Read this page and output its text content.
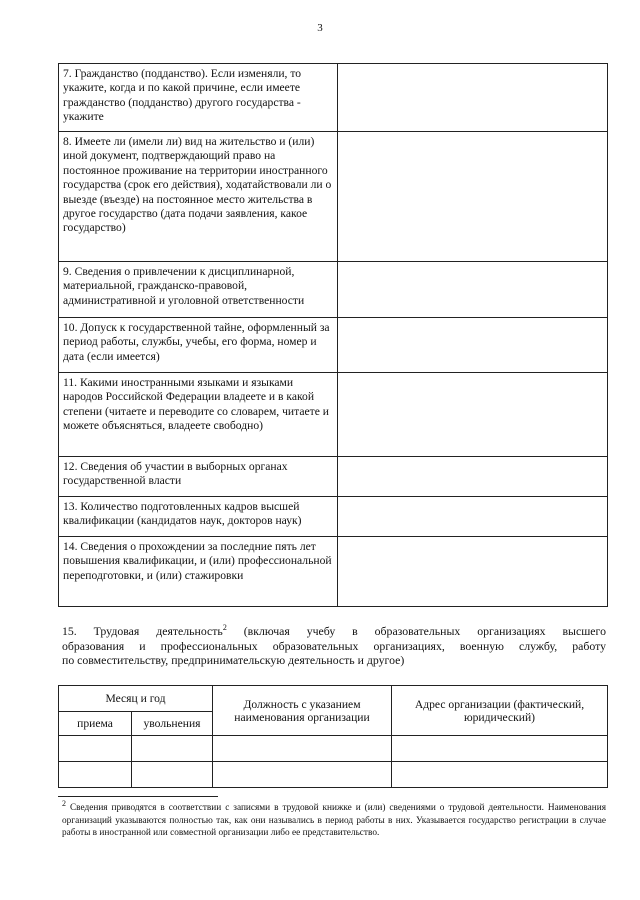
3
7. Гражданство (подданство). Если изменяли, то укажите, когда и по какой причине, если имеете гражданство (подданство) другого государства - укажите	
8. Имеете ли (имели ли) вид на жительство и (или) иной документ, подтверждающий право на постоянное проживание на территории иностранного государства (срок его действия), ходатайствовали ли о выезде (въезде) на постоянное место жительства в другое государство (дата подачи заявления, какое государство)	
9. Сведения о привлечении к дисциплинарной, материальной, гражданско-правовой, административной и уголовной ответственности	
10. Допуск к государственной тайне, оформленный за период работы, службы, учебы, его форма, номер и дата (если имеется)	
11. Какими иностранными языками и языками народов Российской Федерации владеете и в какой степени (читаете и переводите со словарем, читаете и можете объясняться, владеете свободно)	
12. Сведения об участии в выборных органах государственной власти	
13. Количество подготовленных кадров высшей квалификации (кандидатов наук, докторов наук)	
14. Сведения о прохождении за последние пять лет повышения квалификации, и (или) профессиональной переподготовки, и (или) стажировки	
15. Трудовая деятельность$^2$ (включая учебу в образовательных организациях высшего
образования и профессиональных образовательных организациях, военную службу, работу
по совместительству, предпринимательскую деятельность и другое)
Месяц и год		Должность с указанием наименования организации	Адрес организации (фактический, юридический)
приема	увольнения		

$^2$ Сведения приводятся в соответствии с записями в трудовой книжке и (или) сведениями о трудовой деятельности. Наименования организаций указываются полностью так, как они назывались в период работы в них. Указывается государство регистрации в случае работы в иностранной или совместной организации либо ее представительство.
